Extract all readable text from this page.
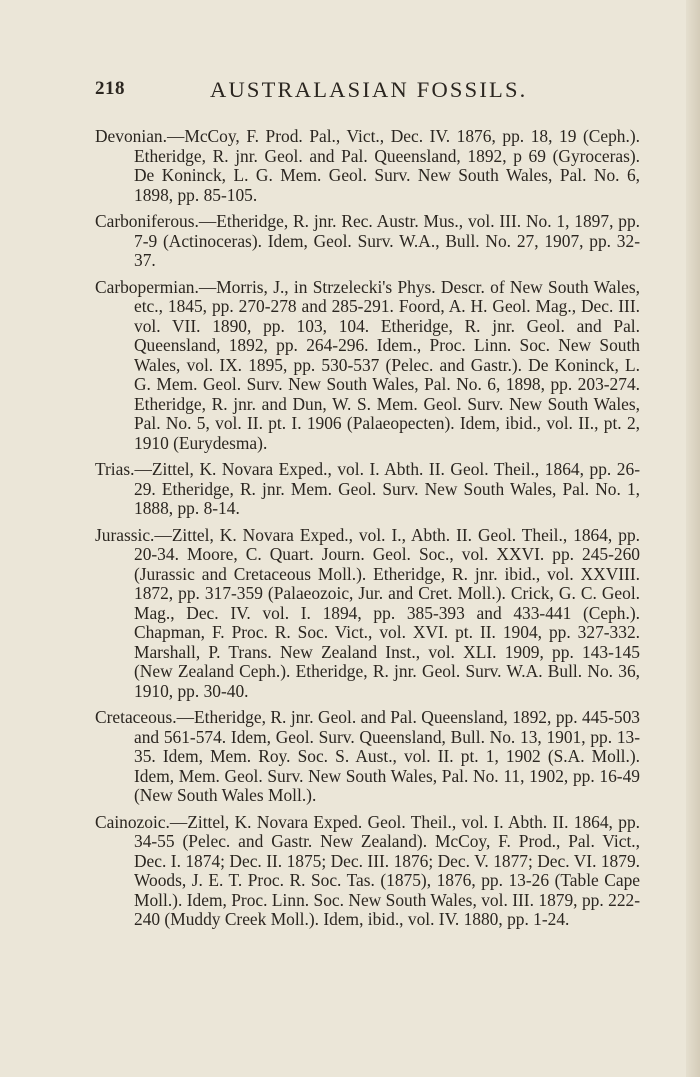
218	AUSTRALASIAN FOSSILS.

Devonian.—McCoy, F. Prod. Pal., Vict., Dec. IV. 1876, pp. 18, 19 (Ceph.). Etheridge, R. jnr. Geol. and Pal. Queensland, 1892, p 69 (Gyroceras). De Koninck, L. G. Mem. Geol. Surv. New South Wales, Pal. No. 6, 1898, pp. 85-105.

Carboniferous.—Etheridge, R. jnr. Rec. Austr. Mus., vol. III. No. 1, 1897, pp. 7-9 (Actinoceras). Idem, Geol. Surv. W.A., Bull. No. 27, 1907, pp. 32-37.

Carbopermian.—Morris, J., in Strzelecki's Phys. Descr. of New South Wales, etc., 1845, pp. 270-278 and 285-291. Foord, A. H. Geol. Mag., Dec. III. vol. VII. 1890, pp. 103, 104. Etheridge, R. jnr. Geol. and Pal. Queensland, 1892, pp. 264-296. Idem., Proc. Linn. Soc. New South Wales, vol. IX. 1895, pp. 530-537 (Pelec. and Gastr.). De Koninck, L. G. Mem. Geol. Surv. New South Wales, Pal. No. 6, 1898, pp. 203-274. Etheridge, R. jnr. and Dun, W. S. Mem. Geol. Surv. New South Wales, Pal. No. 5, vol. II. pt. I. 1906 (Palaeopecten). Idem, ibid., vol. II., pt. 2, 1910 (Eurydesma).

Trias.—Zittel, K. Novara Exped., vol. I. Abth. II. Geol. Theil., 1864, pp. 26-29. Etheridge, R. jnr. Mem. Geol. Surv. New South Wales, Pal. No. 1, 1888, pp. 8-14.

Jurassic.—Zittel, K. Novara Exped., vol. I., Abth. II. Geol. Theil., 1864, pp. 20-34. Moore, C. Quart. Journ. Geol. Soc., vol. XXVI. pp. 245-260 (Jurassic and Cretaceous Moll.). Etheridge, R. jnr. ibid., vol. XXVIII. 1872, pp. 317-359 (Palaeozoic, Jur. and Cret. Moll.). Crick, G. C. Geol. Mag., Dec. IV. vol. I. 1894, pp. 385-393 and 433-441 (Ceph.). Chapman, F. Proc. R. Soc. Vict., vol. XVI. pt. II. 1904, pp. 327-332. Marshall, P. Trans. New Zealand Inst., vol. XLI. 1909, pp. 143-145 (New Zealand Ceph.). Etheridge, R. jnr. Geol. Surv. W.A. Bull. No. 36, 1910, pp. 30-40.

Cretaceous.—Etheridge, R. jnr. Geol. and Pal. Queensland, 1892, pp. 445-503 and 561-574. Idem, Geol. Surv. Queensland, Bull. No. 13, 1901, pp. 13-35. Idem, Mem. Roy. Soc. S. Aust., vol. II. pt. 1, 1902 (S.A. Moll.). Idem, Mem. Geol. Surv. New South Wales, Pal. No. 11, 1902, pp. 16-49 (New South Wales Moll.).

Cainozoic.—Zittel, K. Novara Exped. Geol. Theil., vol. I. Abth. II. 1864, pp. 34-55 (Pelec. and Gastr. New Zealand). McCoy, F. Prod., Pal. Vict., Dec. I. 1874; Dec. II. 1875; Dec. III. 1876; Dec. V. 1877; Dec. VI. 1879. Woods, J. E. T. Proc. R. Soc. Tas. (1875), 1876, pp. 13-26 (Table Cape Moll.). Idem, Proc. Linn. Soc. New South Wales, vol. III. 1879, pp. 222-240 (Muddy Creek Moll.). Idem, ibid., vol. IV. 1880, pp. 1-24.
